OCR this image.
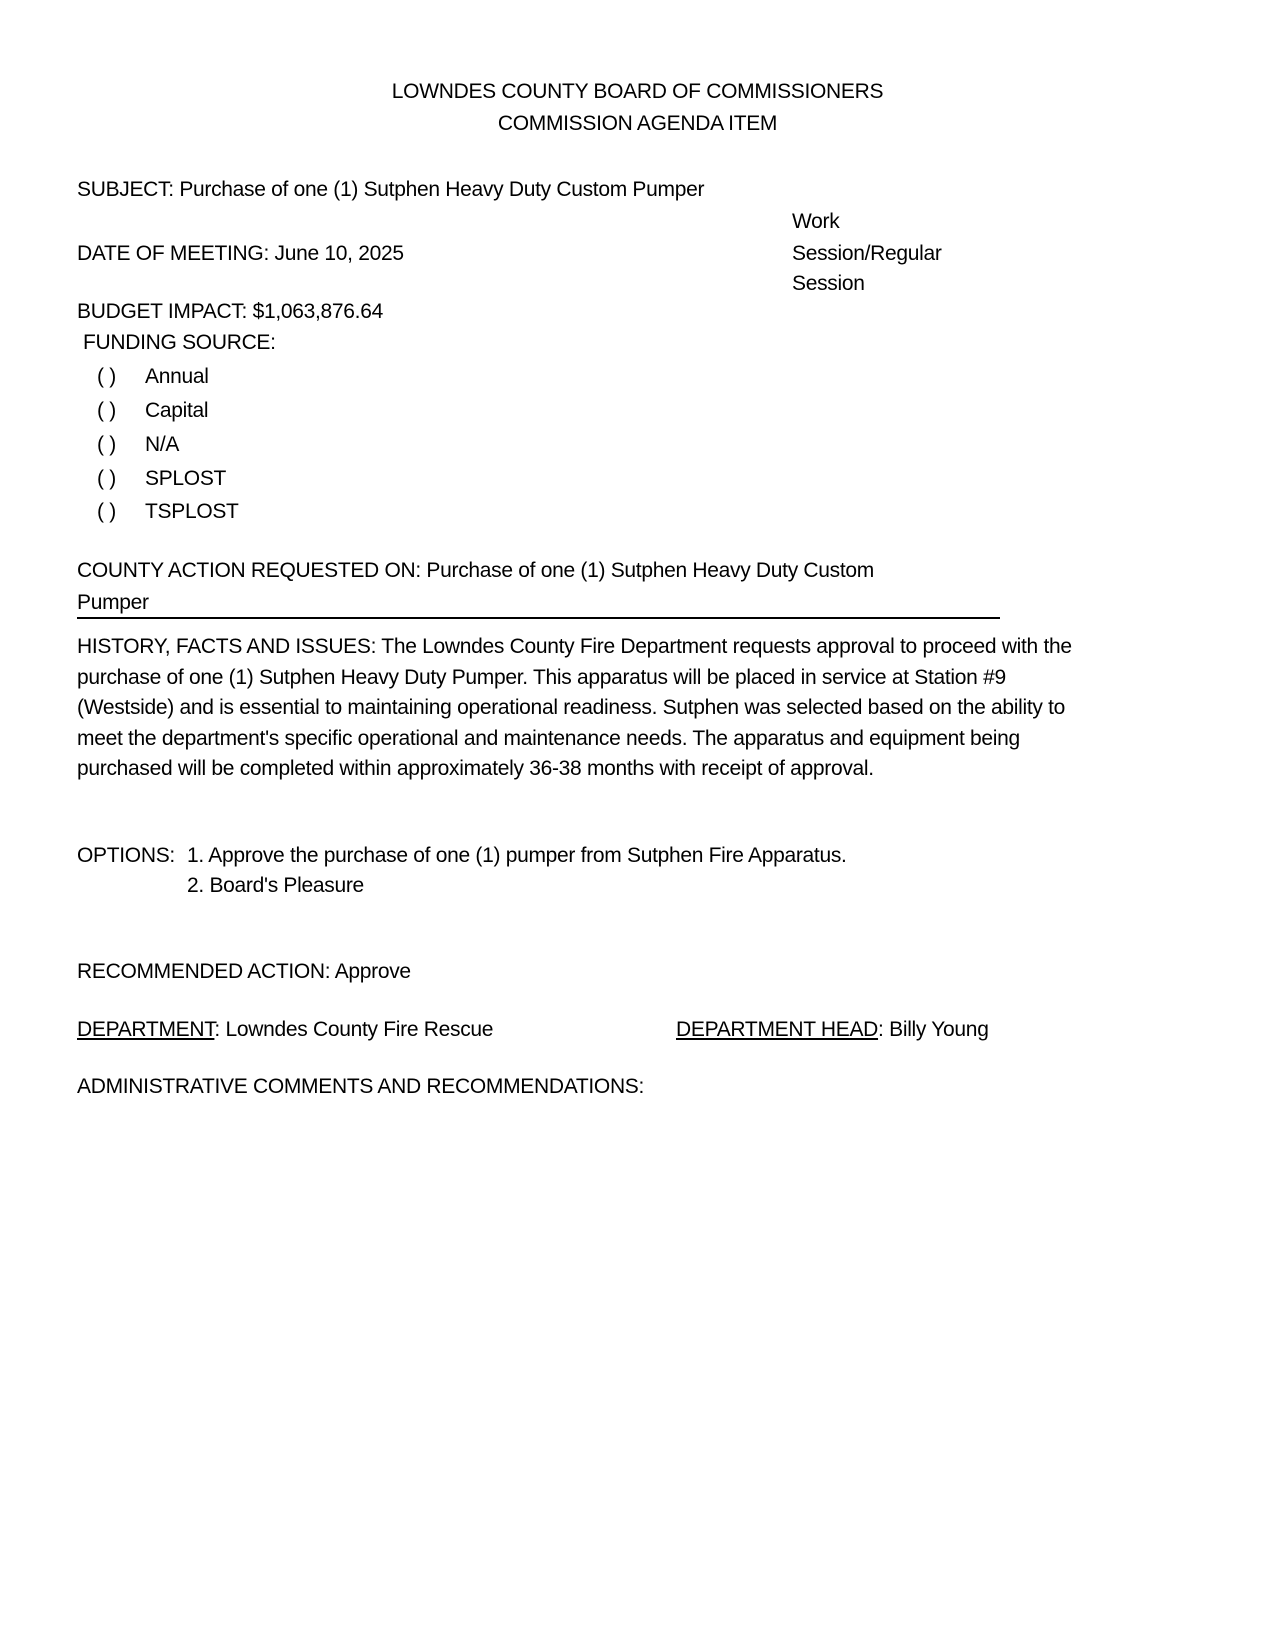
LOWNDES COUNTY BOARD OF COMMISSIONERS
COMMISSION AGENDA ITEM
SUBJECT: Purchase of one (1) Sutphen Heavy Duty Custom Pumper
Work
Session/Regular
Session
DATE OF MEETING: June 10, 2025
BUDGET IMPACT: $1,063,876.64
FUNDING SOURCE:
( ) Annual
( ) Capital
( ) N/A
( ) SPLOST
( ) TSPLOST
COUNTY ACTION REQUESTED ON: Purchase of one (1) Sutphen Heavy Duty Custom
Pumper
HISTORY, FACTS AND ISSUES: The Lowndes County Fire Department requests approval to proceed with the
purchase of one (1) Sutphen Heavy Duty Pumper. This apparatus will be placed in service at Station #9
(Westside) and is essential to maintaining operational readiness. Sutphen was selected based on the ability to
meet the department's specific operational and maintenance needs. The apparatus and equipment being
purchased will be completed within approximately 36-38 months with receipt of approval.
OPTIONS: 1. Approve the purchase of one (1) pumper from Sutphen Fire Apparatus.
2. Board's Pleasure
RECOMMENDED ACTION: Approve
DEPARTMENT: Lowndes County Fire Rescue	DEPARTMENT HEAD: Billy Young
ADMINISTRATIVE COMMENTS AND RECOMMENDATIONS:
